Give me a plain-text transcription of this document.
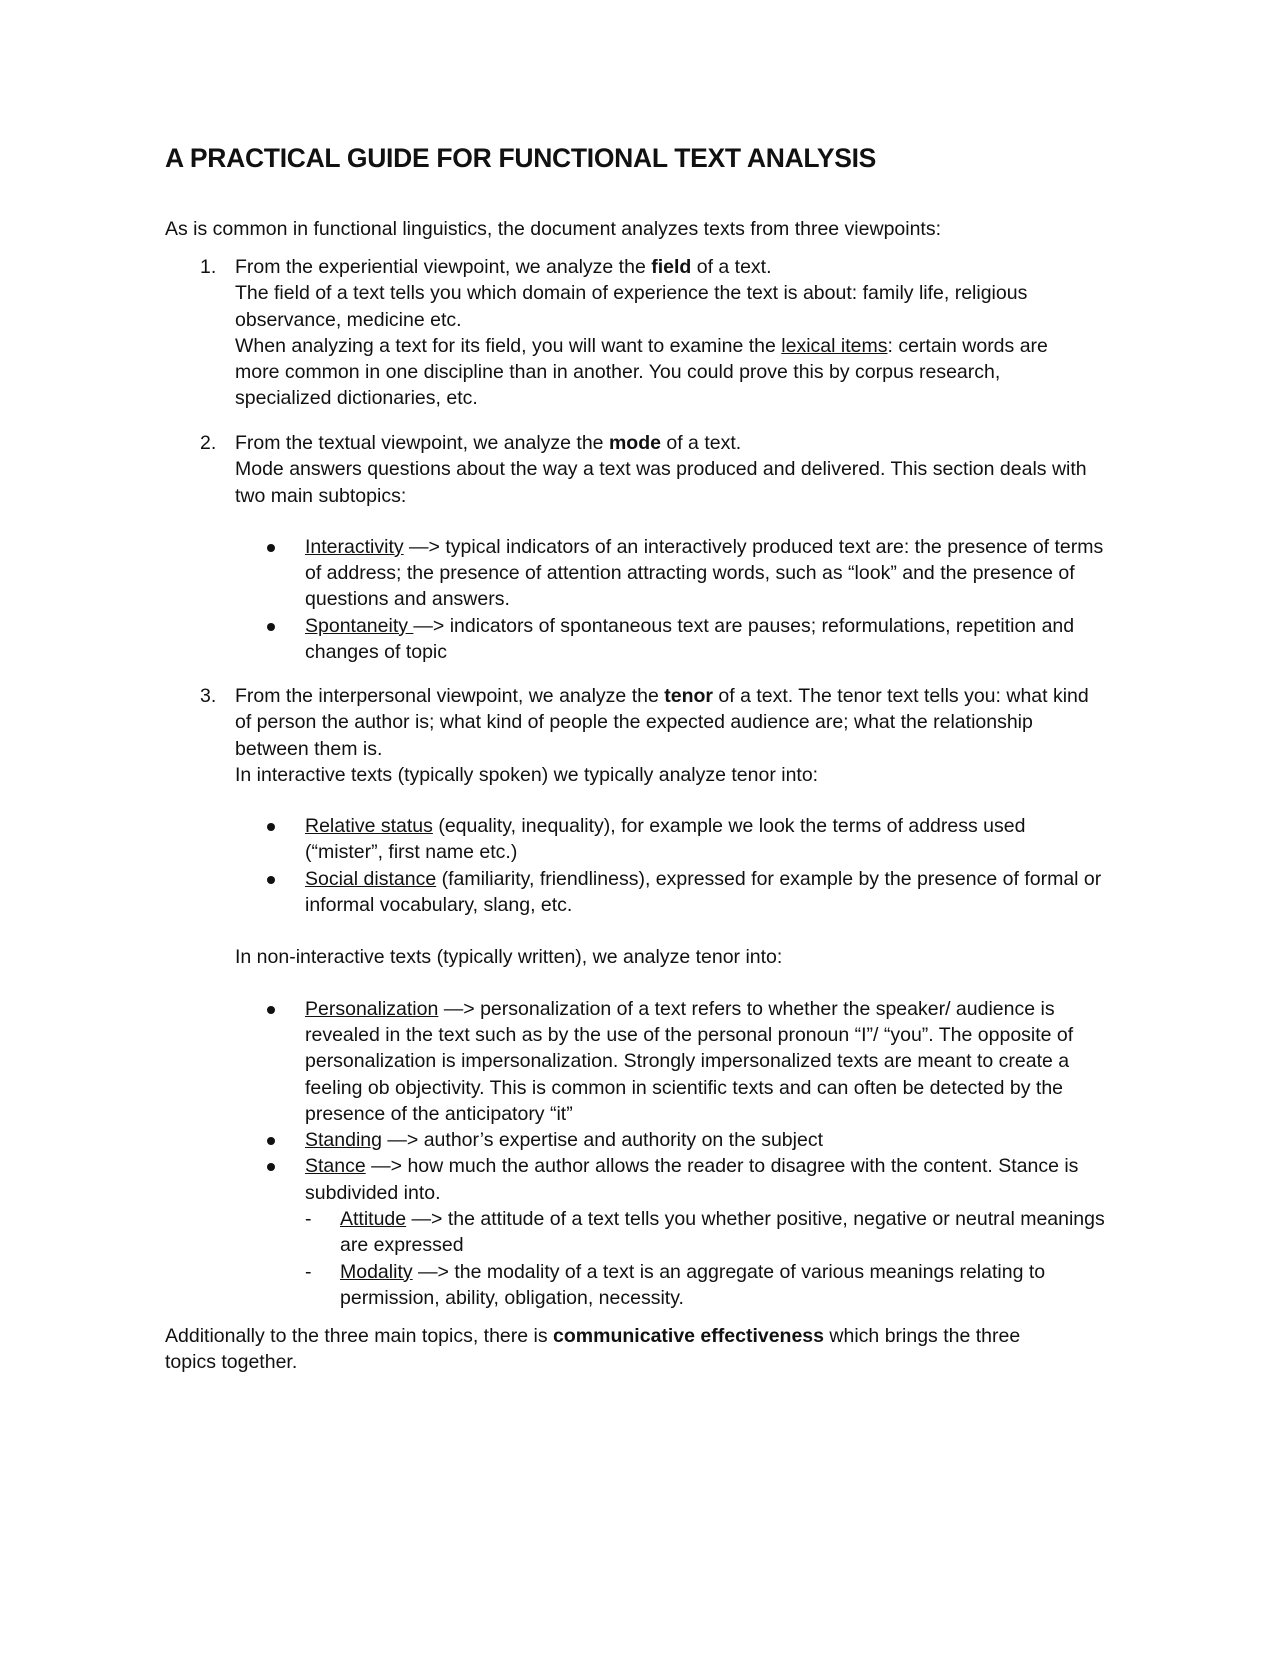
A PRACTICAL GUIDE FOR FUNCTIONAL TEXT ANALYSIS

As is common in functional linguistics, the document analyzes texts from three viewpoints:

1. From the experiential viewpoint, we analyze the field of a text.

The field of a text tells you which domain of experience the text is about: family life, religious observance, medicine etc.

When analyzing a text for its field, you will want to examine the lexical items: certain words are more common in one discipline than in another. You could prove this by corpus research, specialized dictionaries, etc.

2. From the textual viewpoint, we analyze the mode of a text.

Mode answers questions about the way a text was produced and delivered. This section deals with two main subtopics:

Interactivity —> typical indicators of an interactively produced text are: the presence of terms of address; the presence of attention attracting words, such as “look” and the presence of questions and answers.
Spontaneity —> indicators of spontaneous text are pauses; reformulations, repetition and changes of topic
3. From the interpersonal viewpoint, we analyze the tenor of a text. The tenor text tells you: what kind of person the author is; what kind of people the expected audience are; what the relationship between them is.

In interactive texts (typically spoken) we typically analyze tenor into:

Relative status (equality, inequality), for example we look the terms of address used (“mister”, first name etc.)
Social distance (familiarity, friendliness), expressed for example by the presence of formal or informal vocabulary, slang, etc.

In non-interactive texts (typically written), we analyze tenor into:

Personalization —> personalization of a text refers to whether the speaker/ audience is revealed in the text such as by the use of the personal pronoun “I”/ “you”. The opposite of personalization is impersonalization. Strongly impersonalized texts are meant to create a feeling ob objectivity. This is common in scientific texts and can often be detected by the presence of the anticipatory “it”
Standing —> author’s expertise and authority on the subject
Stance —> how much the author allows the reader to disagree with the content. Stance is subdivided into.
- Attitude —> the attitude of a text tells you whether positive, negative or neutral meanings are expressed
- Modality —> the modality of a text is an aggregate of various meanings relating to permission, ability, obligation, necessity.

Additionally to the three main topics, there is communicative effectiveness which brings the three topics together.
